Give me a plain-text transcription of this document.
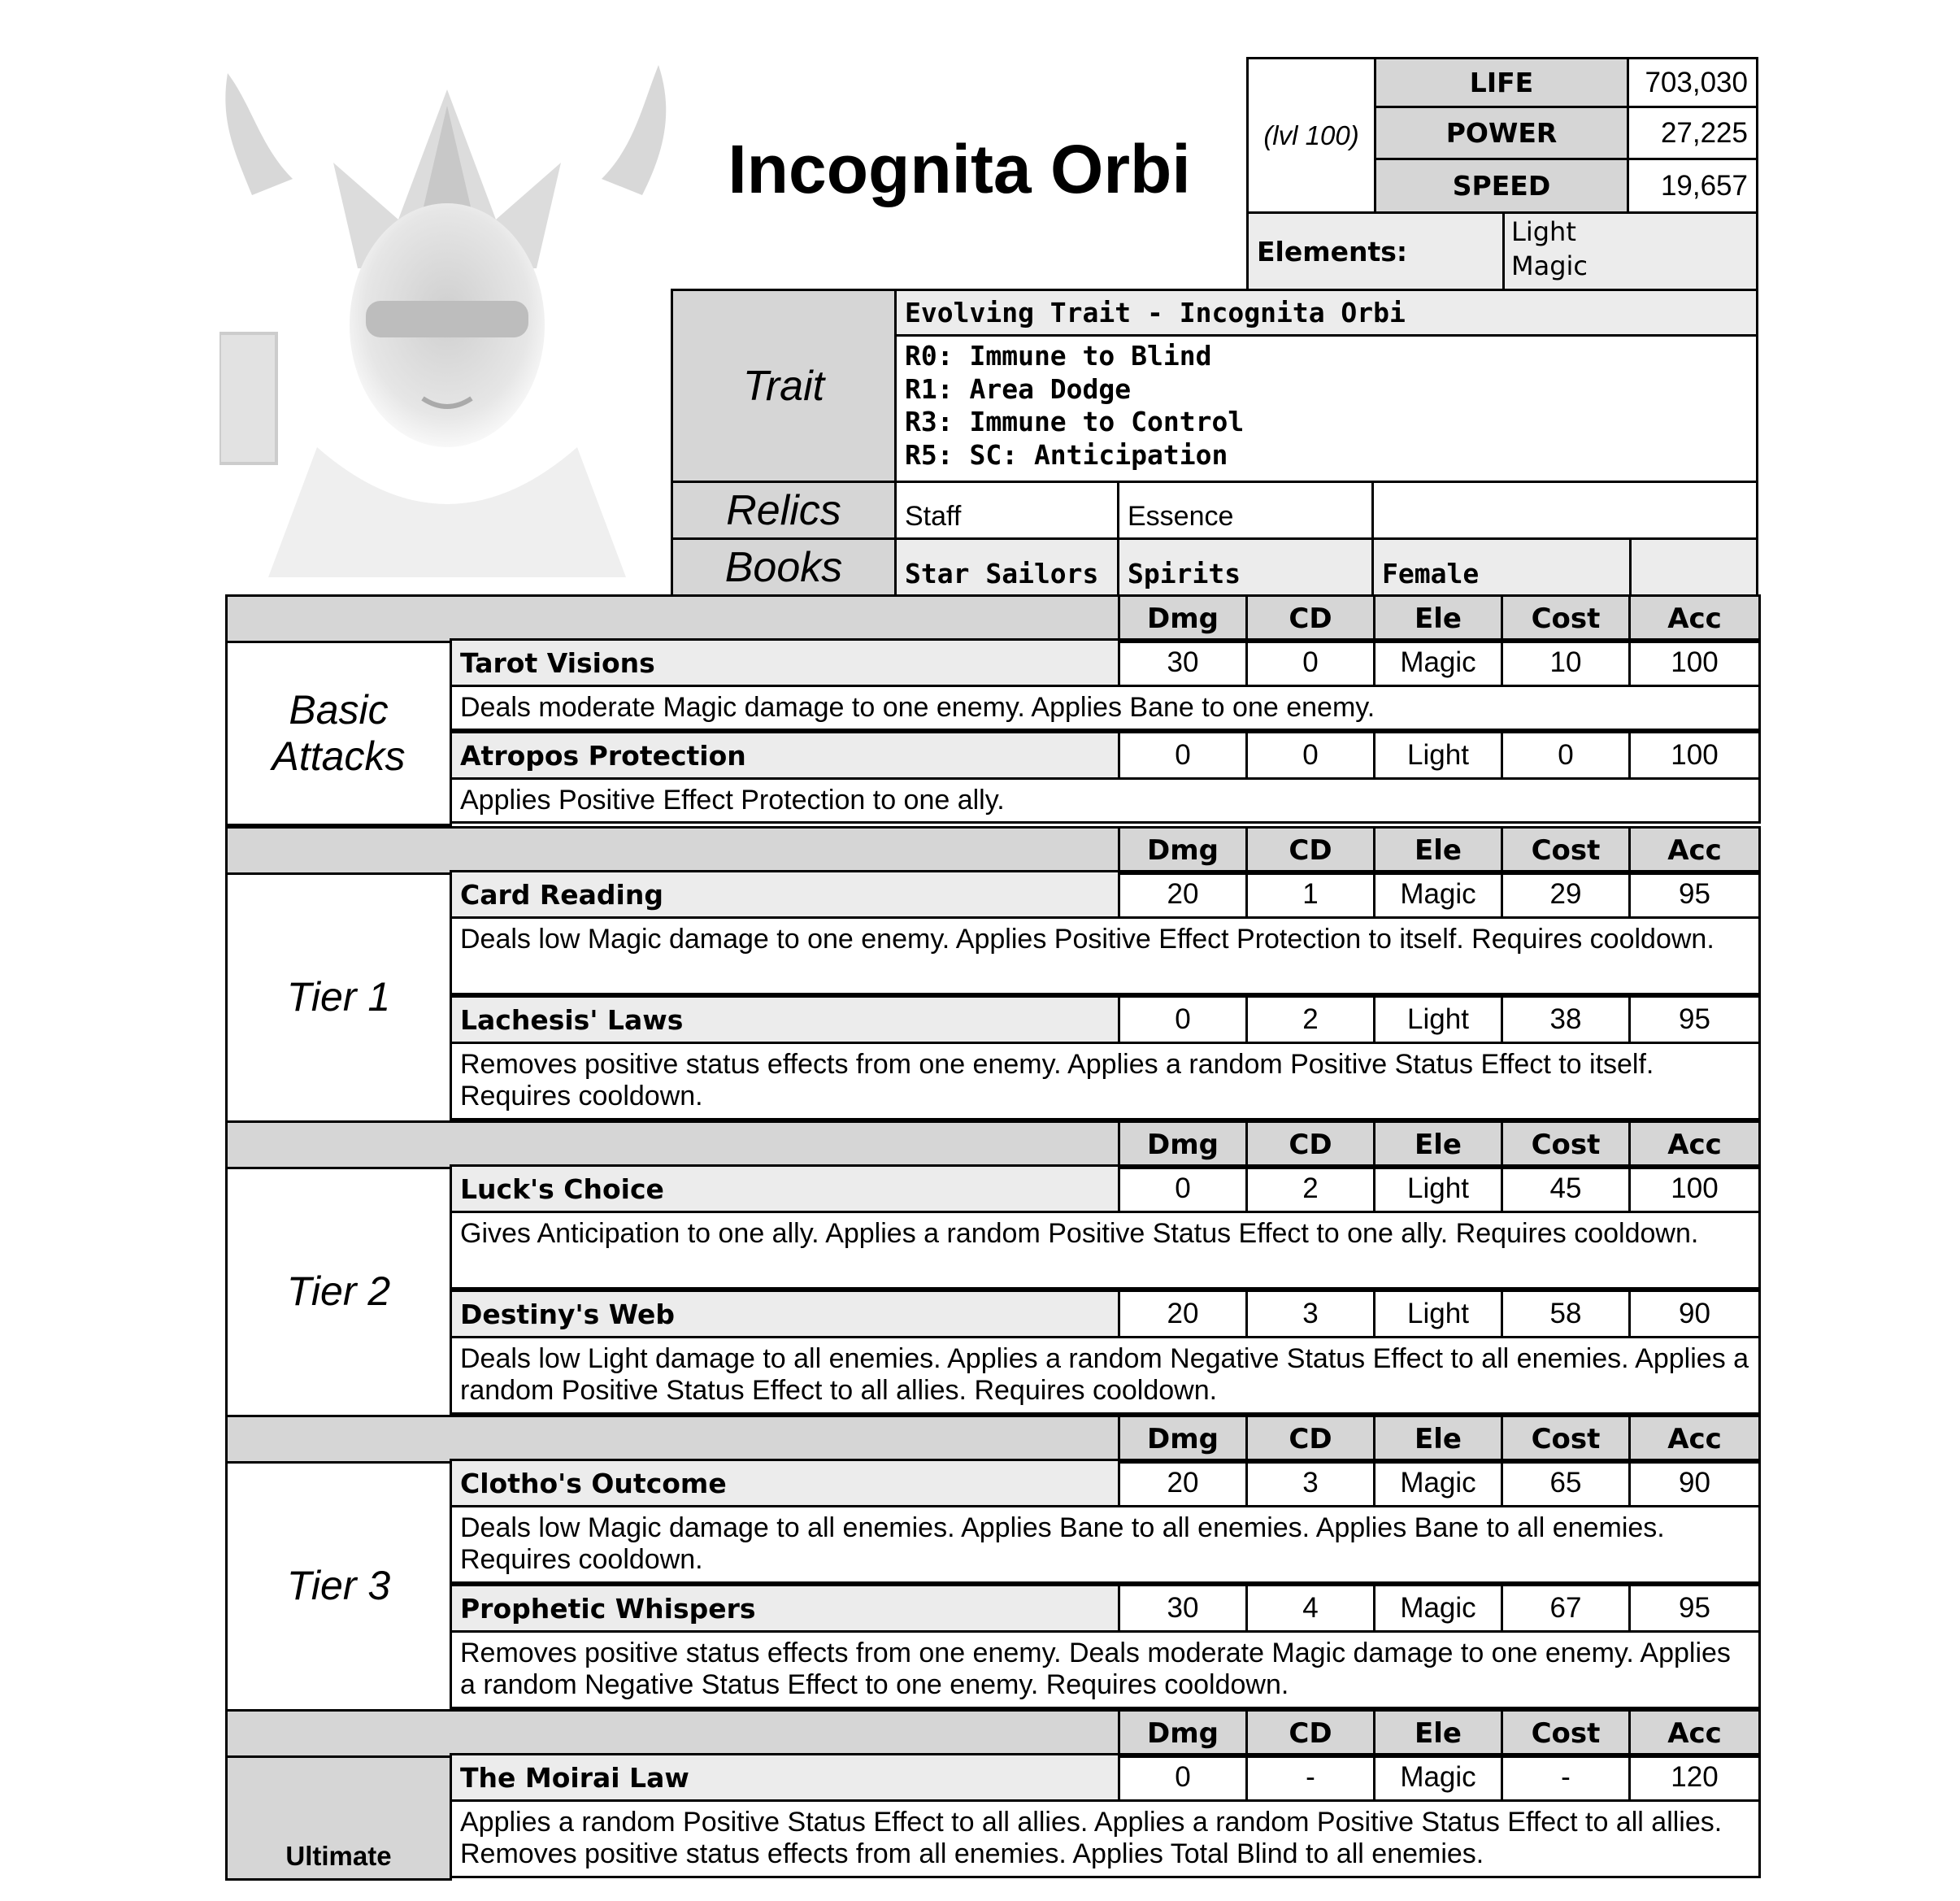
Incognita Orbi	(lvl 100)
LIFE	703,030
POWER	27,225
SPEED	19,657
Elements:
Light
Magic
Trait
Evolving Trait - Incognita Orbi
R0: Immune to Blind
R1: Area Dodge
R3: Immune to Control
R5: SC: Anticipation
Relics	Staff	Essence
Books	Star Sailors	Spirits	Female
Dmg	CD	Ele	Cost	Acc
Basic Attacks
Tarot Visions	30	0	Magic	10	100
Deals moderate Magic damage to one enemy. Applies Bane to one enemy.
Atropos Protection	0	0	Light	0	100
Applies Positive Effect Protection to one ally.
Dmg	CD	Ele	Cost	Acc
Tier 1
Card Reading	20	1	Magic	29	95
Deals low Magic damage to one enemy. Applies Positive Effect Protection to itself. Requires cooldown.
Lachesis' Laws	0	2	Light	38	95
Removes positive status effects from one enemy. Applies a random Positive Status Effect to itself. Requires cooldown.
Dmg	CD	Ele	Cost	Acc
Tier 2
Luck's Choice	0	2	Light	45	100
Gives Anticipation to one ally. Applies a random Positive Status Effect to one ally. Requires cooldown.
Destiny's Web	20	3	Light	58	90
Deals low Light damage to all enemies. Applies a random Negative Status Effect to all enemies. Applies a random Positive Status Effect to all allies. Requires cooldown.
Dmg	CD	Ele	Cost	Acc
Tier 3
Clotho's Outcome	20	3	Magic	65	90
Deals low Magic damage to all enemies. Applies Bane to all enemies. Applies Bane to all enemies. Requires cooldown.
Prophetic Whispers	30	4	Magic	67	95
Removes positive status effects from one enemy. Deals moderate Magic damage to one enemy. Applies a random Negative Status Effect to one enemy. Requires cooldown.
Dmg	CD	Ele	Cost	Acc
Ultimate
The Moirai Law	0	-	Magic	-	120
Applies a random Positive Status Effect to all allies. Applies a random Positive Status Effect to all allies. Removes positive status effects from all enemies. Applies Total Blind to all enemies.
